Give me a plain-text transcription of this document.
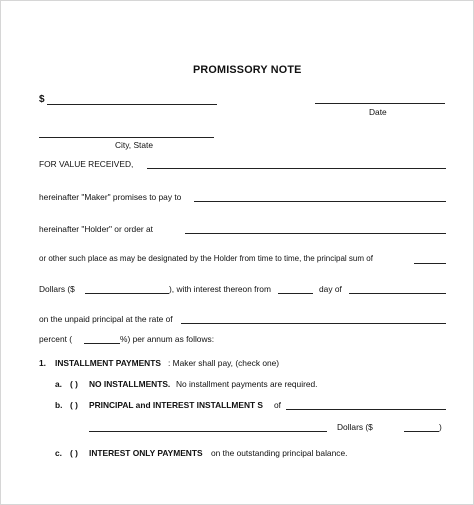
PROMISSORY NOTE
$
Date
City, State
FOR VALUE RECEIVED,
hereinafter "Maker" promises to pay to
hereinafter "Holder" or order at
or other such place as may be designated by the Holder from time to time, the principal sum of
Dollars ($	), with interest thereon from	day of
on the unpaid principal at the rate of
percent (	%) per annum as follows:
1. INSTALLMENT PAYMENTS : Maker shall pay, (check one)
a. ( ) NO INSTALLMENTS. No installment payments are required.
b. ( ) PRINCIPAL and INTEREST INSTALLMENT S of
Dollars ($	)
c. ( ) INTEREST ONLY PAYMENTS on the outstanding principal balance.
